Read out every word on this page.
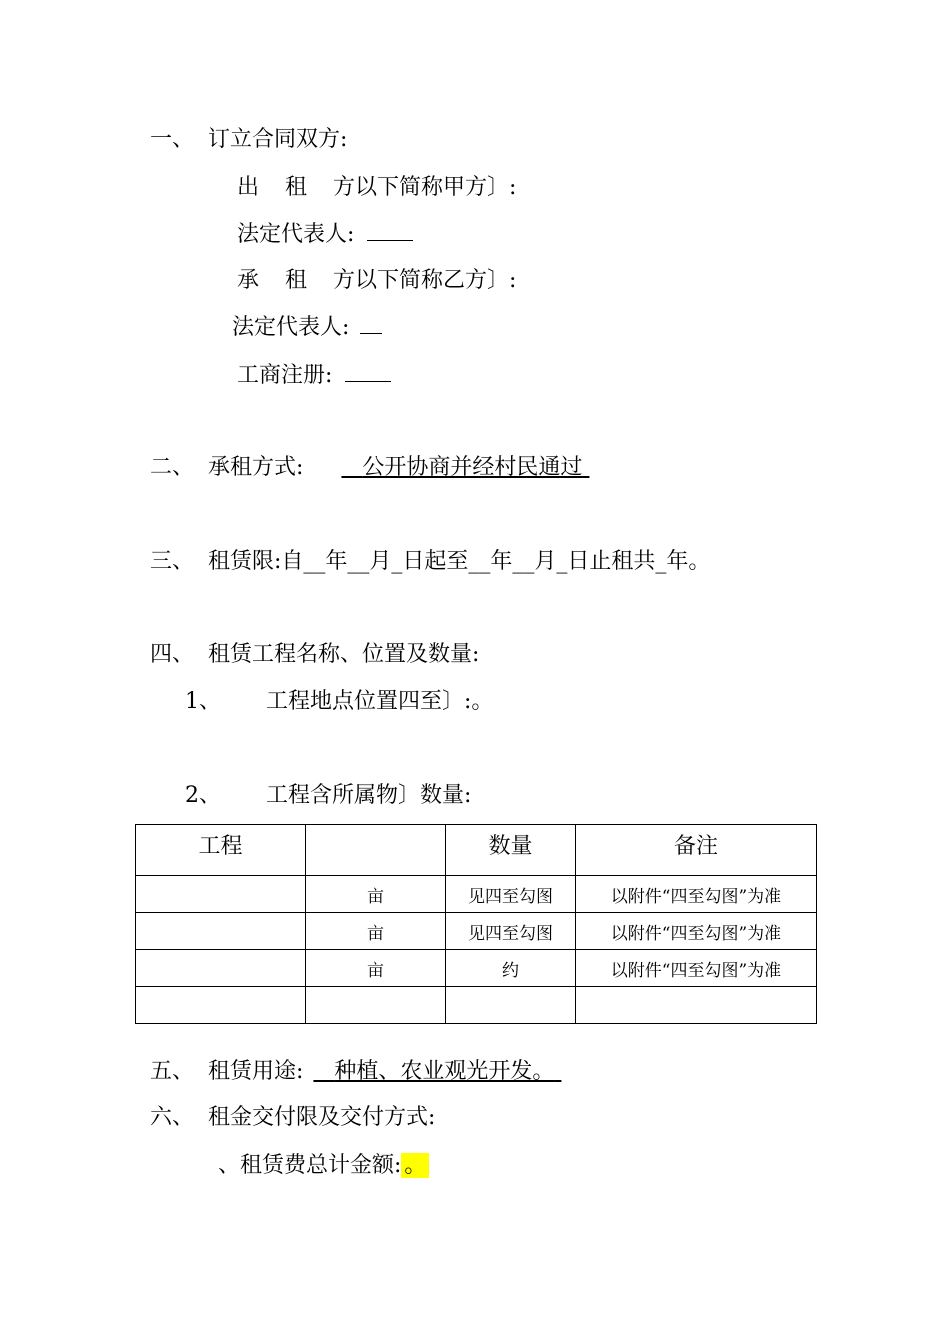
一、 订立合同双方:
出 租 方以下简称甲方〕:
法定代表人:
承 租 方以下简称乙方〕:
法定代表人:
工商注册:
二、 承租方式:	公开协商并经村民通过
三、 租赁限:自__年__月_日起至__年__月_日止租共_年。
四、 租赁工程名称、位置及数量:
1、 工程地点位置四至〕:。
2、 工程含所属物〕数量:
工程		数量	备注
	亩	见四至勾图	以附件“四至勾图”为准
	亩	见四至勾图	以附件“四至勾图”为准
	亩	约	以附件“四至勾图”为准

五、 租赁用途: 种植、农业观光开发。
六、 租金交付限及交付方式:
、租赁费总计金额: 。
